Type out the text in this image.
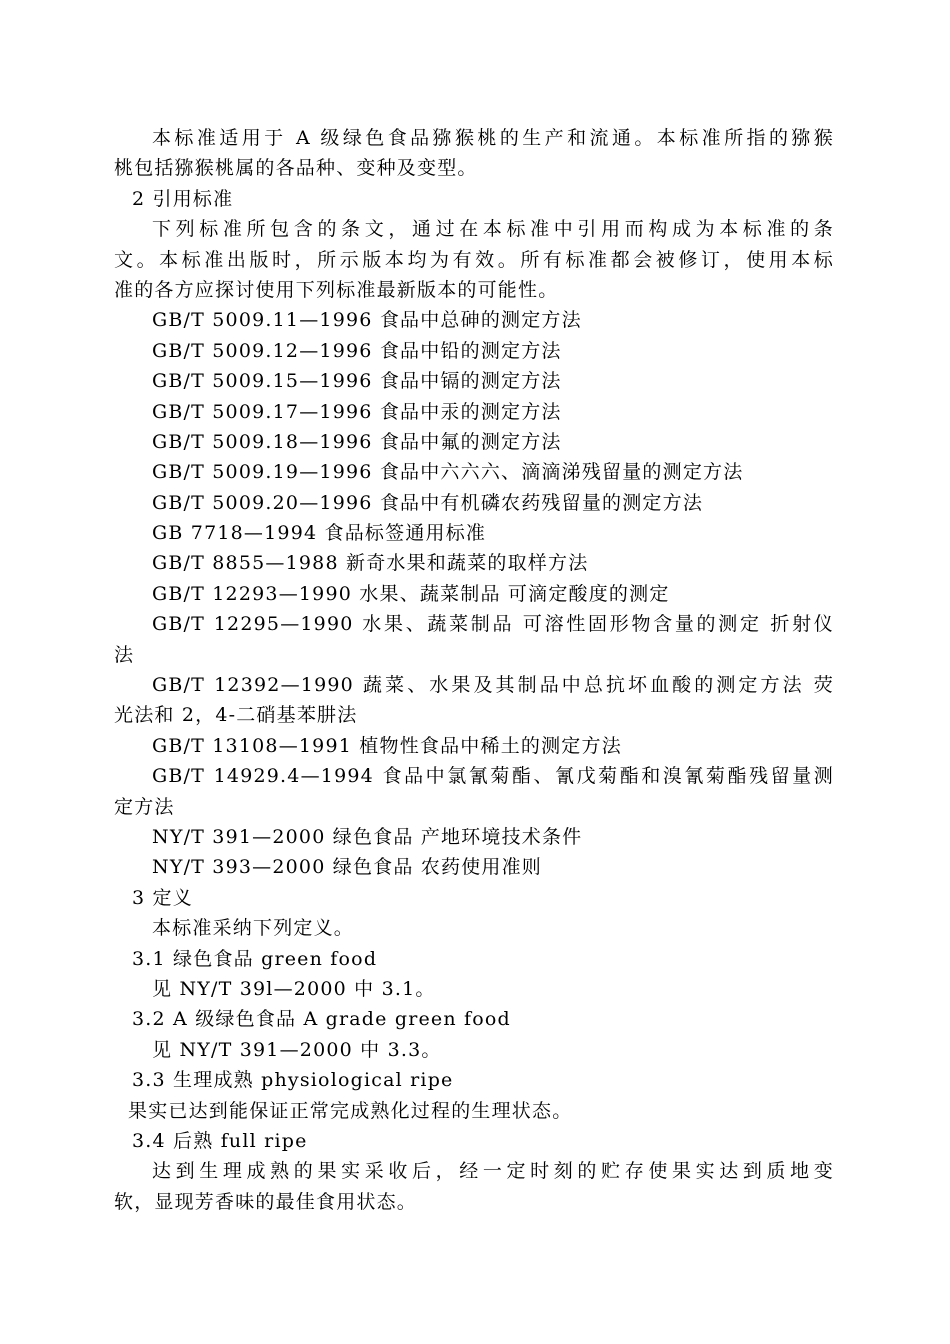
本标准适用于 A 级绿色食品猕猴桃的生产和流通。本标准所指的猕猴
桃包括猕猴桃属的各品种、变种及变型。
2 引用标准
下列标准所包含的条文，通过在本标准中引用而构成为本标准的条
文。本标准出版时，所示版本均为有效。所有标准都会被修订，使用本标
准的各方应探讨使用下列标准最新版本的可能性。
GB/T 5009.11—1996 食品中总砷的测定方法
GB/T 5009.12—1996 食品中铅的测定方法
GB/T 5009.15—1996 食品中镉的测定方法
GB/T 5009.17—1996 食品中汞的测定方法
GB/T 5009.18—1996 食品中氟的测定方法
GB/T 5009.19—1996 食品中六六六、滴滴涕残留量的测定方法
GB/T 5009.20—1996 食品中有机磷农药残留量的测定方法
GB 7718—1994 食品标签通用标准
GB/T 8855—1988 新奇水果和蔬菜的取样方法
GB/T 12293—1990 水果、蔬菜制品 可滴定酸度的测定
GB/T 12295—1990 水果、蔬菜制品 可溶性固形物含量的测定 折射仪
法
GB/T 12392—1990 蔬菜、水果及其制品中总抗坏血酸的测定方法 荧
光法和 2，4-二硝基苯肼法
GB/T 13108—1991 植物性食品中稀土的测定方法
GB/T 14929.4—1994 食品中氯氰菊酯、氰戊菊酯和溴氰菊酯残留量测
定方法
NY/T 391—2000 绿色食品 产地环境技术条件
NY/T 393—2000 绿色食品 农药使用准则
3 定义
本标准采纳下列定义。
3.1 绿色食品 green food
见 NY/T 39l—2000 中 3.1。
3.2 A 级绿色食品 A grade green food
见 NY/T 391—2000 中 3.3。
3.3 生理成熟 physiological ripe
果实已达到能保证正常完成熟化过程的生理状态。
3.4 后熟 full ripe
达到生理成熟的果实采收后，经一定时刻的贮存使果实达到质地变
软，显现芳香味的最佳食用状态。
